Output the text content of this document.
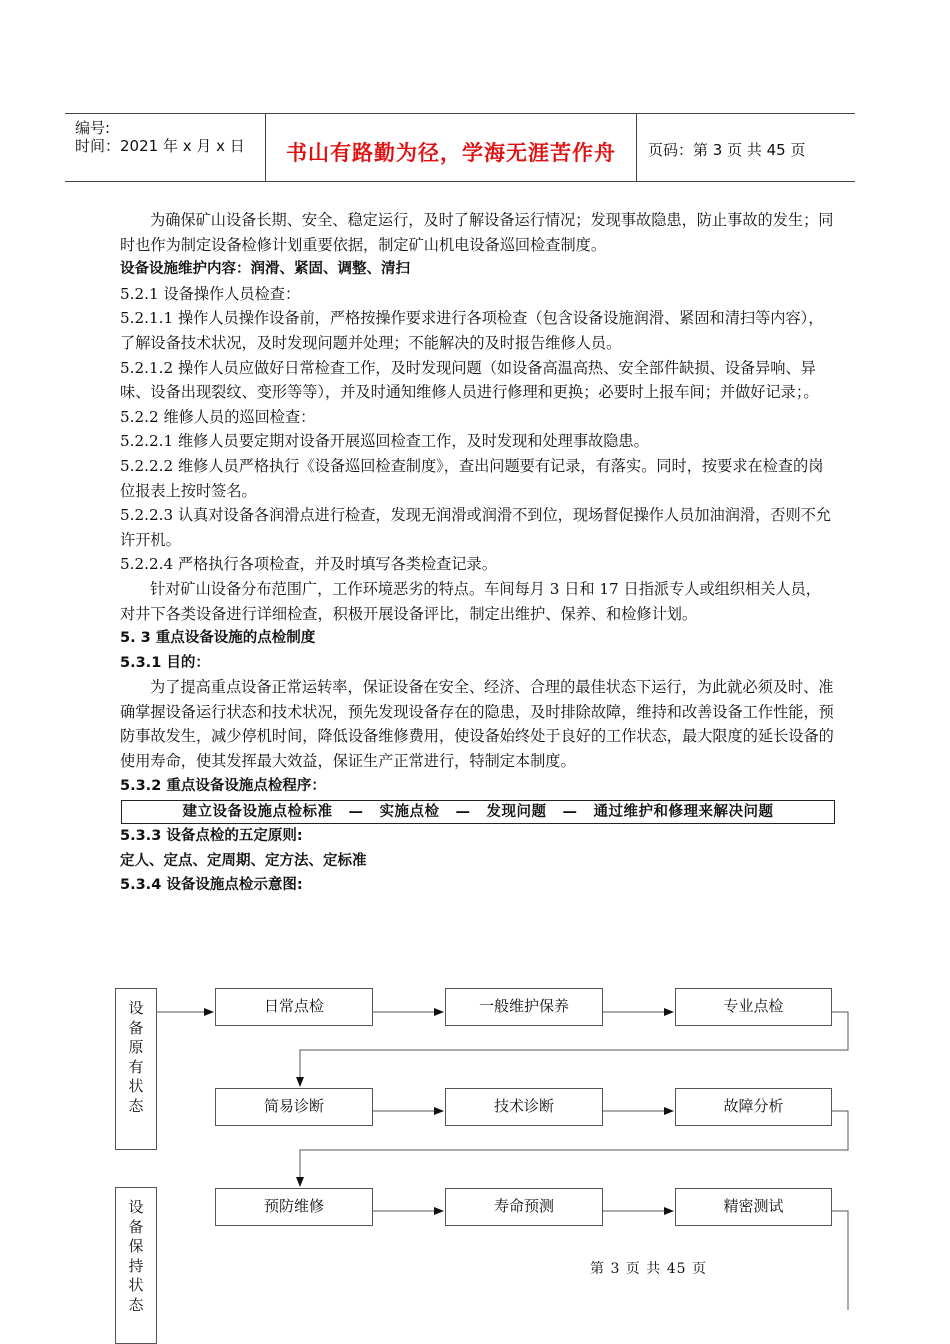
编号:
时间：2021 年 x 月 x 日 书山有路勤为径，学海无涯苦作舟 页码：第 3 页 共 45 页

为确保矿山设备长期、安全、稳定运行，及时了解设备运行情况；发现事故隐患，防止事故的发生；同时也作为制定设备检修计划重要依据，制定矿山机电设备巡回检查制度。

设备设施维护内容：润滑、紧固、调整、清扫

5.2.1 设备操作人员检查：

5.2.1.1 操作人员操作设备前，严格按操作要求进行各项检查（包含设备设施润滑、紧固和清扫等内容），了解设备技术状况，及时发现问题并处理；不能解决的及时报告维修人员。

5.2.1.2 操作人员应做好日常检查工作，及时发现问题（如设备高温高热、安全部件缺损、设备异响、异味、设备出现裂纹、变形等等），并及时通知维修人员进行修理和更换；必要时上报车间；并做好记录；。

5.2.2 维修人员的巡回检查：

5.2.2.1 维修人员要定期对设备开展巡回检查工作，及时发现和处理事故隐患。

5.2.2.2 维修人员严格执行《设备巡回检查制度》，查出问题要有记录，有落实。同时，按要求在检查的岗位报表上按时签名。

5.2.2.3 认真对设备各润滑点进行检查，发现无润滑或润滑不到位，现场督促操作人员加油润滑，否则不允许开机。

5.2.2.4 严格执行各项检查，并及时填写各类检查记录。

针对矿山设备分布范围广，工作环境恶劣的特点。车间每月 3 日和 17 日指派专人或组织相关人员，对井下各类设备进行详细检查，积极开展设备评比，制定出维护、保养、和检修计划。

5. 3 重点设备设施的点检制度

5.3.1 目的：

为了提高重点设备正常运转率，保证设备在安全、经济、合理的最佳状态下运行，为此就必须及时、准确掌握设备运行状态和技术状况，预先发现设备存在的隐患，及时排除故障，维持和改善设备工作性能，预防事故发生，减少停机时间，降低设备维修费用，使设备始终处于良好的工作状态，最大限度的延长设备的使用寿命，使其发挥最大效益，保证生产正常进行，特制定本制度。

5.3.2 重点设备设施点检程序：

建立设备设施点检标准 — 实施点检 — 发现问题 — 通过维护和修理来解决问题

5.3.3 设备点检的五定原则:

定人、定点、定周期、定方法、定标准

5.3.4 设备设施点检示意图:

设
备
原
有
状
态
设
备
保
持
状
态
日常点检	一般维护保养	专业点检
简易诊断	技术诊断	故障分析
预防维修	寿命预测	精密测试
第 3 页 共 45 页
